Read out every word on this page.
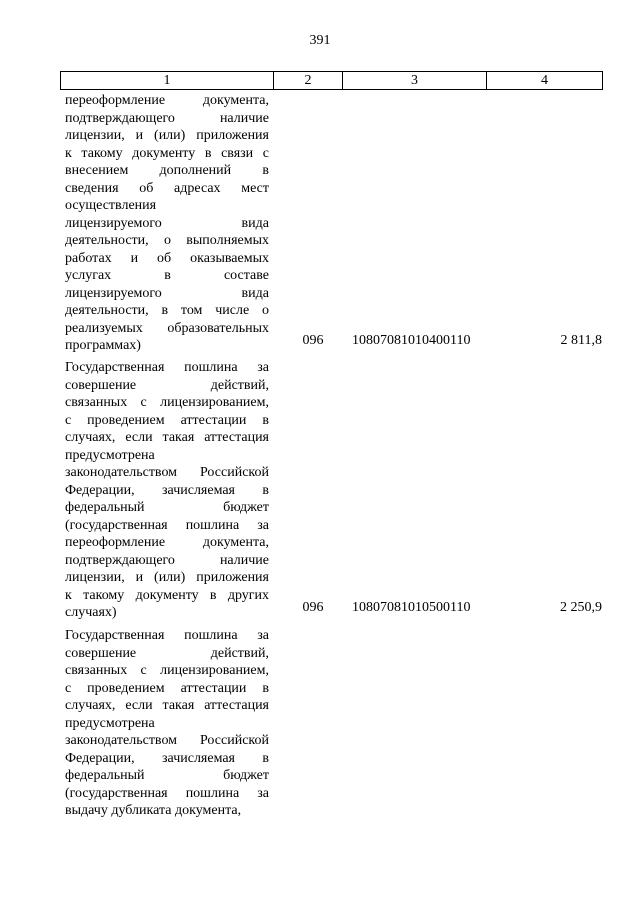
391
1	2	3	4
переоформление документа,
подтверждающего наличие
лицензии, и (или) приложения
к такому документу в связи с
внесением дополнений в
сведения об адресах мест
осуществления
лицензируемого вида
деятельности, о выполняемых
работах и об оказываемых
услугах в составе
лицензируемого вида
деятельности, в том числе о
реализуемых образовательных
программах)	096 10807081010400110	2 811,8
Государственная пошлина за
совершение действий,
связанных с лицензированием,
с проведением аттестации в
случаях, если такая аттестация
предусмотрена
законодательством Российской
Федерации, зачисляемая в
федеральный бюджет
(государственная пошлина за
переоформление документа,
подтверждающего наличие
лицензии, и (или) приложения
к такому документу в других
случаях)	096 10807081010500110	2 250,9
Государственная пошлина за
совершение действий,
связанных с лицензированием,
с проведением аттестации в
случаях, если такая аттестация
предусмотрена
законодательством Российской
Федерации, зачисляемая в
федеральный бюджет
(государственная пошлина за
выдачу дубликата документа,
